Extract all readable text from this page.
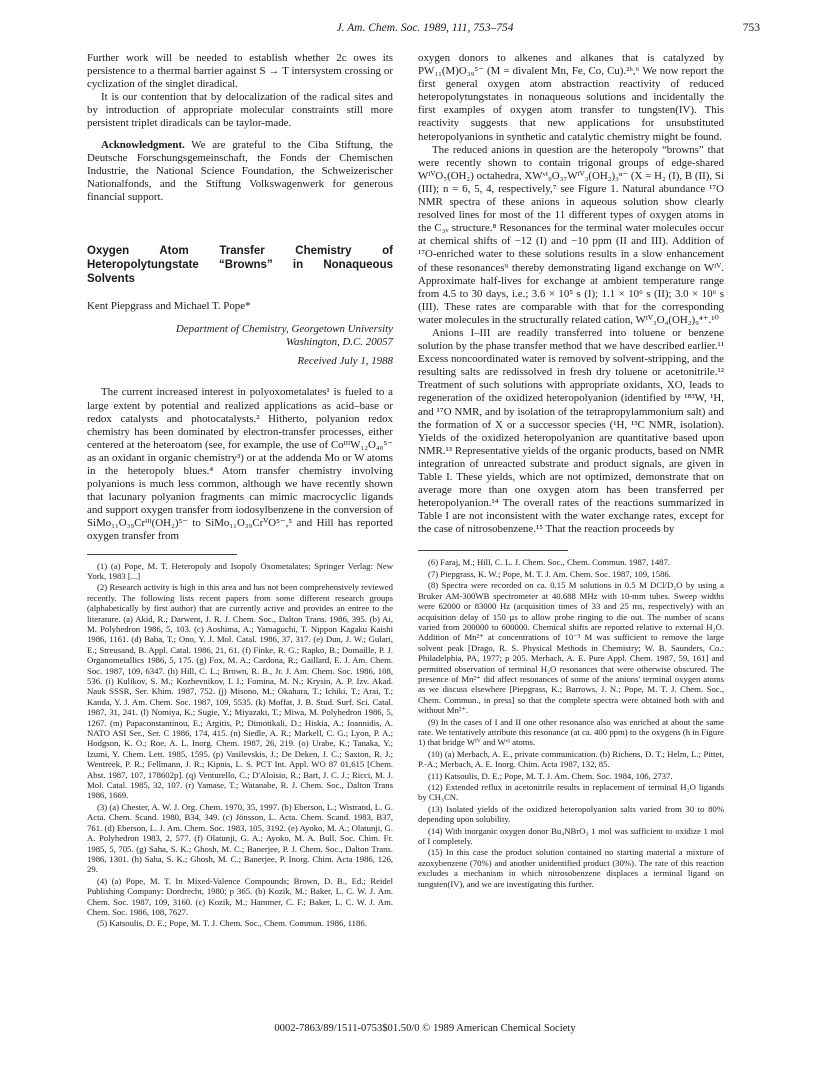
J. Am. Chem. Soc. 1989, 111, 753–754	753

Further work will be needed to establish whether 2c owes its persistence to a thermal barrier against S → T intersystem crossing or cyclization of the singlet diradical.

It is our contention that by delocalization of the radical sites and by introduction of appropriate molecular constraints still more persistent triplet diradicals can be taylor-made.

Acknowledgment. We are grateful to the Ciba Stiftung, the Deutsche Forschungsgemeinschaft, the Fonds der Chemischen Industrie, the National Science Foundation, the Schweizerischer Nationalfonds, and the Stiftung Volkswagenwerk for generous financial support.

Oxygen Atom Transfer Chemistry of Heteropolytungstate “Browns” in Nonaqueous Solvents

Kent Piepgrass and Michael T. Pope*

Department of Chemistry, Georgetown University

Washington, D.C. 20057

Received July 1, 1988

The current increased interest in polyoxometalates¹ is fueled to a large extent by potential and realized applications as acid–base or redox catalysts and photocatalysts.² Hitherto, polyanion redox chemistry has been dominated by electron-transfer processes, either centered at the heteroatom (see, for example, the use of CoᴵᴵᴵW₁₂O₄₀⁵⁻ as an oxidant in organic chemistry³) or at the addenda Mo or W atoms in the heteropoly blues.⁴ Atom transfer chemistry involving polyanions is much less common, although we have recently shown that lacunary polyanion fragments can mimic macrocyclic ligands and support oxygen transfer from iodosylbenzene in the conversion of SiMo₁₁O₃₉Crᴵᴵᴵ(OH₂)⁵⁻ to SiMo₁₁O₃₉CrⱽO⁵⁻,⁵ and Hill has reported oxygen transfer from

(1) (a) Pope, M. T. Heteropoly and Isopoly Oxometalates; Springer Verlag: New York, 1983 [...]

(2) Research activity is high in this area and has not been comprehensively reviewed recently. The following lists recent papers from some different research groups (alphabetically by first author) that are currently active and provides an entree to the literature. (a) Akid, R.; Darwent, J. R. J. Chem. Soc., Dalton Trans. 1986, 395. (b) Ai, M. Polyhedron 1986, 5, 103. (c) Aoshima, A.; Yamaguchi, T. Nippon Kagaku Kaishi 1986, 1161. (d) Baba, T.; Ono, Y. J. Mol. Catal. 1986, 37, 317. (e) Dun, J. W.; Gulari, E.; Streusand, B. Appl. Catal. 1986, 21, 61. (f) Finke, R. G.; Rapko, B.; Domaille, P. J. Organometallics 1986, 5, 175. (g) Fox, M. A.; Cardona, R.; Gaillard, E. J. Am. Chem. Soc. 1987, 109, 6347. (h) Hill, C. L.; Brown, R. B., Jr. J. Am. Chem. Soc. 1986, 108, 536. (i) Kulikov, S. M.; Kozhevnikov, I. I.; Fomina, M. N.; Krysin, A. P. Izv. Akad. Nauk SSSR, Ser. Khim. 1987, 752. (j) Misono, M.; Okahara, T.; Ichiki, T.; Arai, T.; Kanda, Y. J. Am. Chem. Soc. 1987, 109, 5535. (k) Moffat, J. B. Stud. Surf. Sci. Catal. 1987, 31, 241. (l) Nomiya, K.; Sugie, Y.; Miyazaki, T.; Miwa, M. Polyhedron 1986, 5, 1267. (m) Papaconstantinou, E.; Argitis, P.; Dimotikali, D.; Hiskia, A.; Ioannidis, A. NATO ASI Ser., Ser. C 1986, 174, 415. (n) Siedle, A. R.; Markell, C. G.; Lyon, P. A.; Hodgson, K. O.; Roe, A. L. Inorg. Chem. 1987, 26, 219. (o) Urabe, K.; Tanaka, Y.; Izumi, Y. Chem. Lett. 1985, 1595. (p) Vasilevskis, J.; De Deken, J. C.; Saxton, R. J.; Wentreek, P. R.; Fellmann, J. R.; Kipnis, L. S. PCT Int. Appl. WO 87 01,615 [Chem. Abst. 1987, 107, 178602p]. (q) Venturello, C.; D'Aloisio, R.; Bart, J. C. J.; Ricci, M. J. Mol. Catal. 1985, 32, 107. (r) Yamase, T.; Watanabe, R. J. Chem. Soc., Dalton Trans 1986, 1669.

(3) (a) Chester, A. W. J. Org. Chem. 1970, 35, 1997. (b) Eberson, L.; Wistrand, L. G. Acta. Chem. Scand. 1980, B34, 349. (c) Jönsson, L. Acta. Chem. Scand. 1983, B37, 761. (d) Eberson, L. J. Am. Chem. Soc. 1983, 105, 3192. (e) Ayoko, M. A.; Olatunji, G. A. Polyhedron 1983, 2, 577. (f) Olatunji, G. A.; Ayoko, M. A. Bull. Soc. Chim. Fr. 1985, 5, 705. (g) Saha, S. K.; Ghosh, M. C.; Banerjee, P. J. Chem. Soc., Dalton Trans. 1986, 1301. (h) Saha, S. K.; Ghosh, M. C.; Banerjee, P. Inorg. Chim. Acta 1986, 126, 29.

(4) (a) Pope, M. T. In Mixed-Valence Compounds; Brown, D. B., Ed.; Reidel Publishing Company: Dordrecht, 1980; p 365. (b) Kozik, M.; Baker, L. C. W. J. Am. Chem. Soc. 1987, 109, 3160. (c) Kozik, M.; Hammer, C. F.; Baker, L. C. W. J. Am. Chem. Soc. 1986, 108, 7627.

(5) Katsoulis, D. E.; Pope, M. T. J. Chem. Soc., Chem. Commun. 1986, 1186.

oxygen donors to alkenes and alkanes that is catalyzed by PW₁₁(M)O₃₉⁵⁻ (M = divalent Mn, Fe, Co, Cu).²ʰ,⁶ We now report the first general oxygen atom abstraction reactivity of reduced heteropolytungstates in nonaqueous solutions and incidentally the first examples of oxygen atom transfer to tungsten(IV). This reactivity suggests that new applications for unsubstituted heteropolyanions in synthetic and catalytic chemistry might be found.

The reduced anions in question are the heteropoly “browns” that were recently shown to contain trigonal groups of edge-shared WᴵⱽO₅(OH₂) octahedra, XWᵛᴵ₉O₃₇Wᴵⱽ₃(OH₂)₃ⁿ⁻ (X = H₂ (I), B (II), Si (III); n = 6, 5, 4, respectively,⁷ see Figure 1. Natural abundance ¹⁷O NMR spectra of these anions in aqueous solution show clearly resolved lines for most of the 11 different types of oxygen atoms in the C₃ᵥ structure.⁸ Resonances for the terminal water molecules occur at chemical shifts of −12 (I) and −10 ppm (II and III). Addition of ¹⁷O-enriched water to these solutions results in a slow enhancement of these resonances⁹ thereby demonstrating ligand exchange on Wᴵⱽ. Approximate half-lives for exchange at ambient temperature range from 4.5 to 30 days, i.e.; 3.6 × 10⁵ s (I); 1.1 × 10⁶ s (II); 3.0 × 10⁶ s (III). These rates are comparable with that for the corresponding water molecules in the structurally related cation, Wᴵⱽ₃O₄(OH₂)₉⁴⁺.¹⁰

Anions I–III are readily transferred into toluene or benzene solution by the phase transfer method that we have described earlier.¹¹ Excess noncoordinated water is removed by solvent-stripping, and the resulting salts are redissolved in fresh dry toluene or acetonitrile.¹² Treatment of such solutions with appropriate oxidants, XO, leads to regeneration of the oxidized heteropolyanion (identified by ¹⁸³W, ¹H, and ¹⁷O NMR, and by isolation of the tetrapropylammonium salt) and the formation of X or a successor species (¹H, ¹³C NMR, isolation). Yields of the oxidized heteropolyanion are quantitative based upon NMR.¹³ Representative yields of the organic products, based on NMR integration of unreacted substrate and product signals, are given in Table I. These yields, which are not optimized, demonstrate that on average more than one oxygen atom has been transferred per heteropolyanion.¹⁴ The overall rates of the reactions summarized in Table I are not inconsistent with the water exchange rates, except for the case of nitrosobenzene.¹⁵ That the reaction proceeds by

(6) Faraj, M.; Hill, C. L. J. Chem. Soc., Chem. Commun. 1987, 1487.

(7) Piepgrass, K. W.; Pope, M. T. J. Am. Chem. Soc. 1987, 109, 1586.

(8) Spectra were recorded on ca. 0.15 M solutions in 0.5 M DCl/D₂O by using a Bruker AM-300WB spectrometer at 40.688 MHz with 10-mm tubes. Sweep widths were 62000 or 83000 Hz (acquisition times of 33 and 25 ms, respectively) with an acquisition delay of 150 µs to allow probe ringing to die out. The number of scans varied from 200000 to 600000. Chemical shifts are reported relative to external H₂O. Addition of Mn²⁺ at concentrations of 10⁻³ M was sufficient to remove the large solvent peak [Drago, R. S. Physical Methods in Chemistry; W. B. Saunders, Co.: Philadelphia, PA, 1977; p 205. Merbach, A. E. Pure Appl. Chem. 1987, 59, 161] and permitted observation of terminal H₂O resonances that were otherwise obscured. The presence of Mn²⁺ did affect resonances of some of the anions' terminal oxygen atoms as we discuss elsewhere [Piepgrass, K.; Barrows, J. N.; Pope, M. T. J. Chem. Soc., Chem. Commun., in press] so that the complete spectra were obtained both with and without Mn²⁺.

(9) In the cases of I and II one other resonance also was enriched at about the same rate. We tentatively attribute this resonance (at ca. 400 ppm) to the oxygens (h in Figure 1) that bridge Wᴵⱽ and Wᵛᴵ atoms.

(10) (a) Merbach, A. E., private communication. (b) Richens, D. T.; Helm, L.; Pittet, P.-A.; Merbach, A. E. Inorg. Chim. Acta 1987, 132, 85.

(11) Katsoulis, D. E.; Pope, M. T. J. Am. Chem. Soc. 1984, 106, 2737.

(12) Extended reflux in acetonitrile results in replacement of terminal H₂O ligands by CH₃CN.

(13) Isolated yields of the oxidized heteropolyanion salts varied from 30 to 80% depending upon solubility.

(14) With inorganic oxygen donor Bu₄NBrO₃ 1 mol was sufficient to oxidize 1 mol of I completely.

(15) In this case the product solution contained no starting material a mixture of azoxybenzene (70%) and another unidentified product (30%). The rate of this reaction excludes a mechanism in which nitrosobenzene displaces a terminal ligand on tungsten(IV), and we are investigating this further.

0002-7863/89/1511-0753$01.50/0 © 1989 American Chemical Society
